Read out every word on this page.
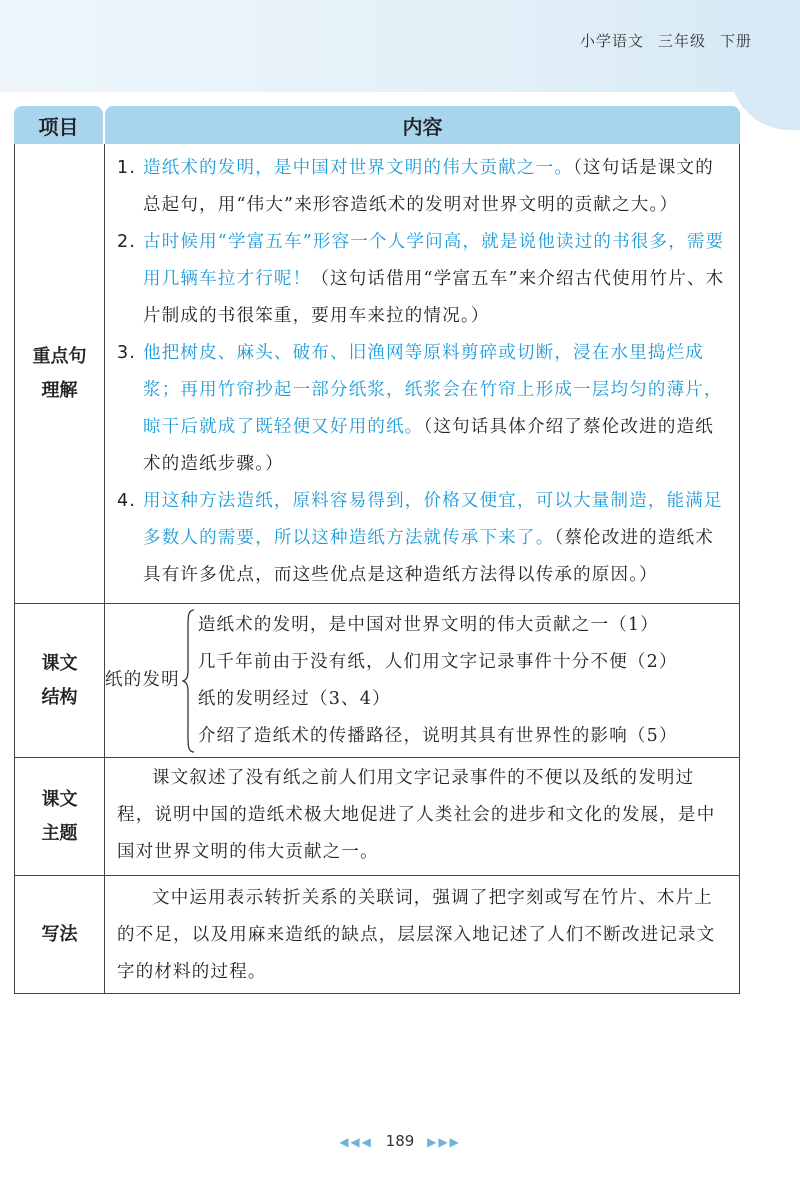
小学语文 三年级 下册
项目	内容
重点句
理解
1. 造纸术的发明，是中国对世界文明的伟大贡献之一。（这句话是课文的总起句，用“伟大”来形容造纸术的发明对世界文明的贡献之大。）
2. 古时候用“学富五车”形容一个人学问高，就是说他读过的书很多，需要用几辆车拉才行呢！（这句话借用“学富五车”来介绍古代使用竹片、木片制成的书很笨重，要用车来拉的情况。）
3. 他把树皮、麻头、破布、旧渔网等原料剪碎或切断，浸在水里捣烂成浆；再用竹帘抄起一部分纸浆，纸浆会在竹帘上形成一层均匀的薄片，晾干后就成了既轻便又好用的纸。（这句话具体介绍了蔡伦改进的造纸术的造纸步骤。）
4. 用这种方法造纸，原料容易得到，价格又便宜，可以大量制造，能满足多数人的需要，所以这种造纸方法就传承下来了。（蔡伦改进的造纸术具有许多优点，而这些优点是这种造纸方法得以传承的原因。）
课文
结构
纸的发明
造纸术的发明，是中国对世界文明的伟大贡献之一（1）
几千年前由于没有纸，人们用文字记录事件十分不便（2）
纸的发明经过（3、4）
介绍了造纸术的传播路径，说明其具有世界性的影响（5）
课文
主题
课文叙述了没有纸之前人们用文字记录事件的不便以及纸的发明过程，说明中国的造纸术极大地促进了人类社会的进步和文化的发展，是中国对世界文明的伟大贡献之一。
写法
文中运用表示转折关系的关联词，强调了把字刻或写在竹片、木片上的不足，以及用麻来造纸的缺点，层层深入地记述了人们不断改进记录文字的材料的过程。
◀◀◀ 189 ▶▶▶
